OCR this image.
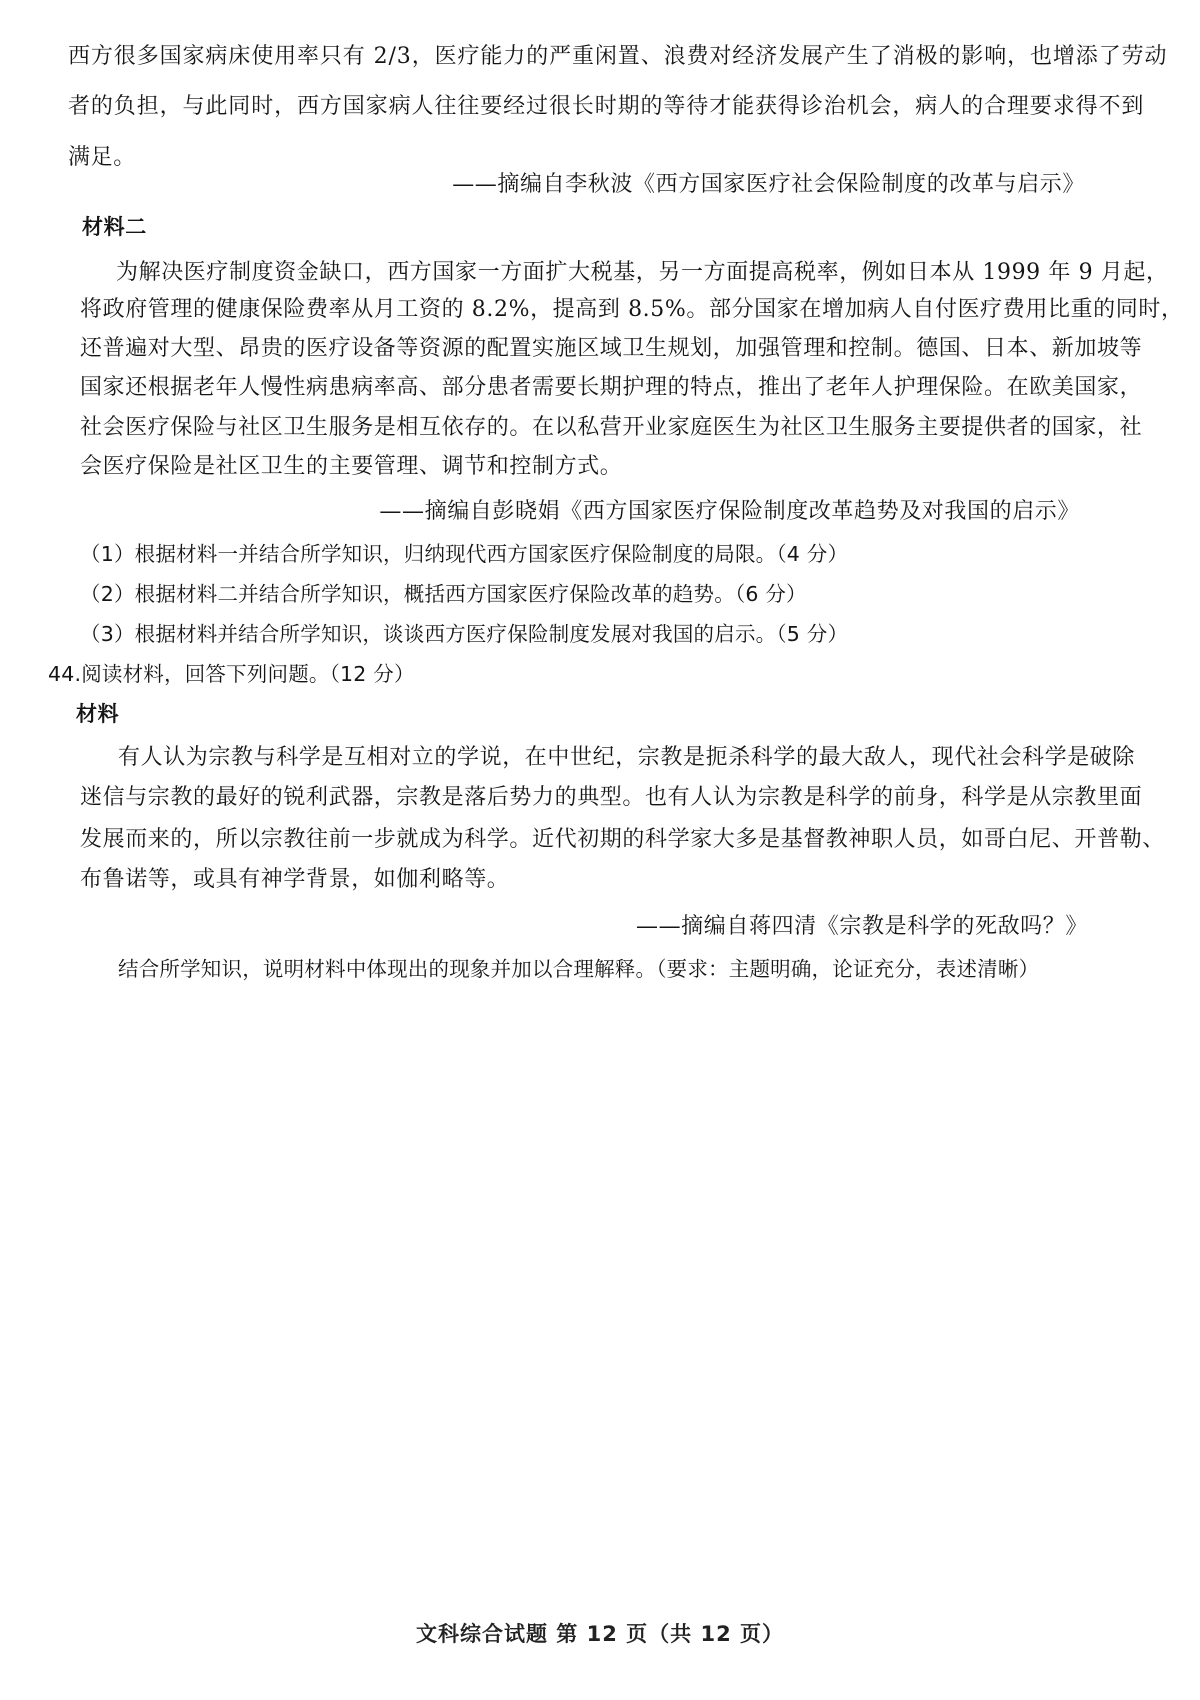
西方很多国家病床使用率只有 2/3，医疗能力的严重闲置、浪费对经济发展产生了消极的影响，也增添了劳动
者的负担，与此同时，西方国家病人往往要经过很长时期的等待才能获得诊治机会，病人的合理要求得不到
满足。
——摘编自李秋波《西方国家医疗社会保险制度的改革与启示》
材料二
为解决医疗制度资金缺口，西方国家一方面扩大税基，另一方面提高税率，例如日本从 1999 年 9 月起，
将政府管理的健康保险费率从月工资的 8.2%，提高到 8.5%。部分国家在增加病人自付医疗费用比重的同时，
还普遍对大型、昂贵的医疗设备等资源的配置实施区域卫生规划，加强管理和控制。德国、日本、新加坡等
国家还根据老年人慢性病患病率高、部分患者需要长期护理的特点，推出了老年人护理保险。在欧美国家，
社会医疗保险与社区卫生服务是相互依存的。在以私营开业家庭医生为社区卫生服务主要提供者的国家，社
会医疗保险是社区卫生的主要管理、调节和控制方式。
——摘编自彭晓娟《西方国家医疗保险制度改革趋势及对我国的启示》
（1）根据材料一并结合所学知识，归纳现代西方国家医疗保险制度的局限。（4 分）
（2）根据材料二并结合所学知识，概括西方国家医疗保险改革的趋势。（6 分）
（3）根据材料并结合所学知识，谈谈西方医疗保险制度发展对我国的启示。（5 分）
44.阅读材料，回答下列问题。（12 分）
材料
有人认为宗教与科学是互相对立的学说，在中世纪，宗教是扼杀科学的最大敌人，现代社会科学是破除
迷信与宗教的最好的锐利武器，宗教是落后势力的典型。也有人认为宗教是科学的前身，科学是从宗教里面
发展而来的，所以宗教往前一步就成为科学。近代初期的科学家大多是基督教神职人员，如哥白尼、开普勒、
布鲁诺等，或具有神学背景，如伽利略等。
——摘编自蒋四清《宗教是科学的死敌吗？》
结合所学知识，说明材料中体现出的现象并加以合理解释。（要求：主题明确，论证充分，表述清晰）
文科综合试题 第 12 页（共 12 页）
